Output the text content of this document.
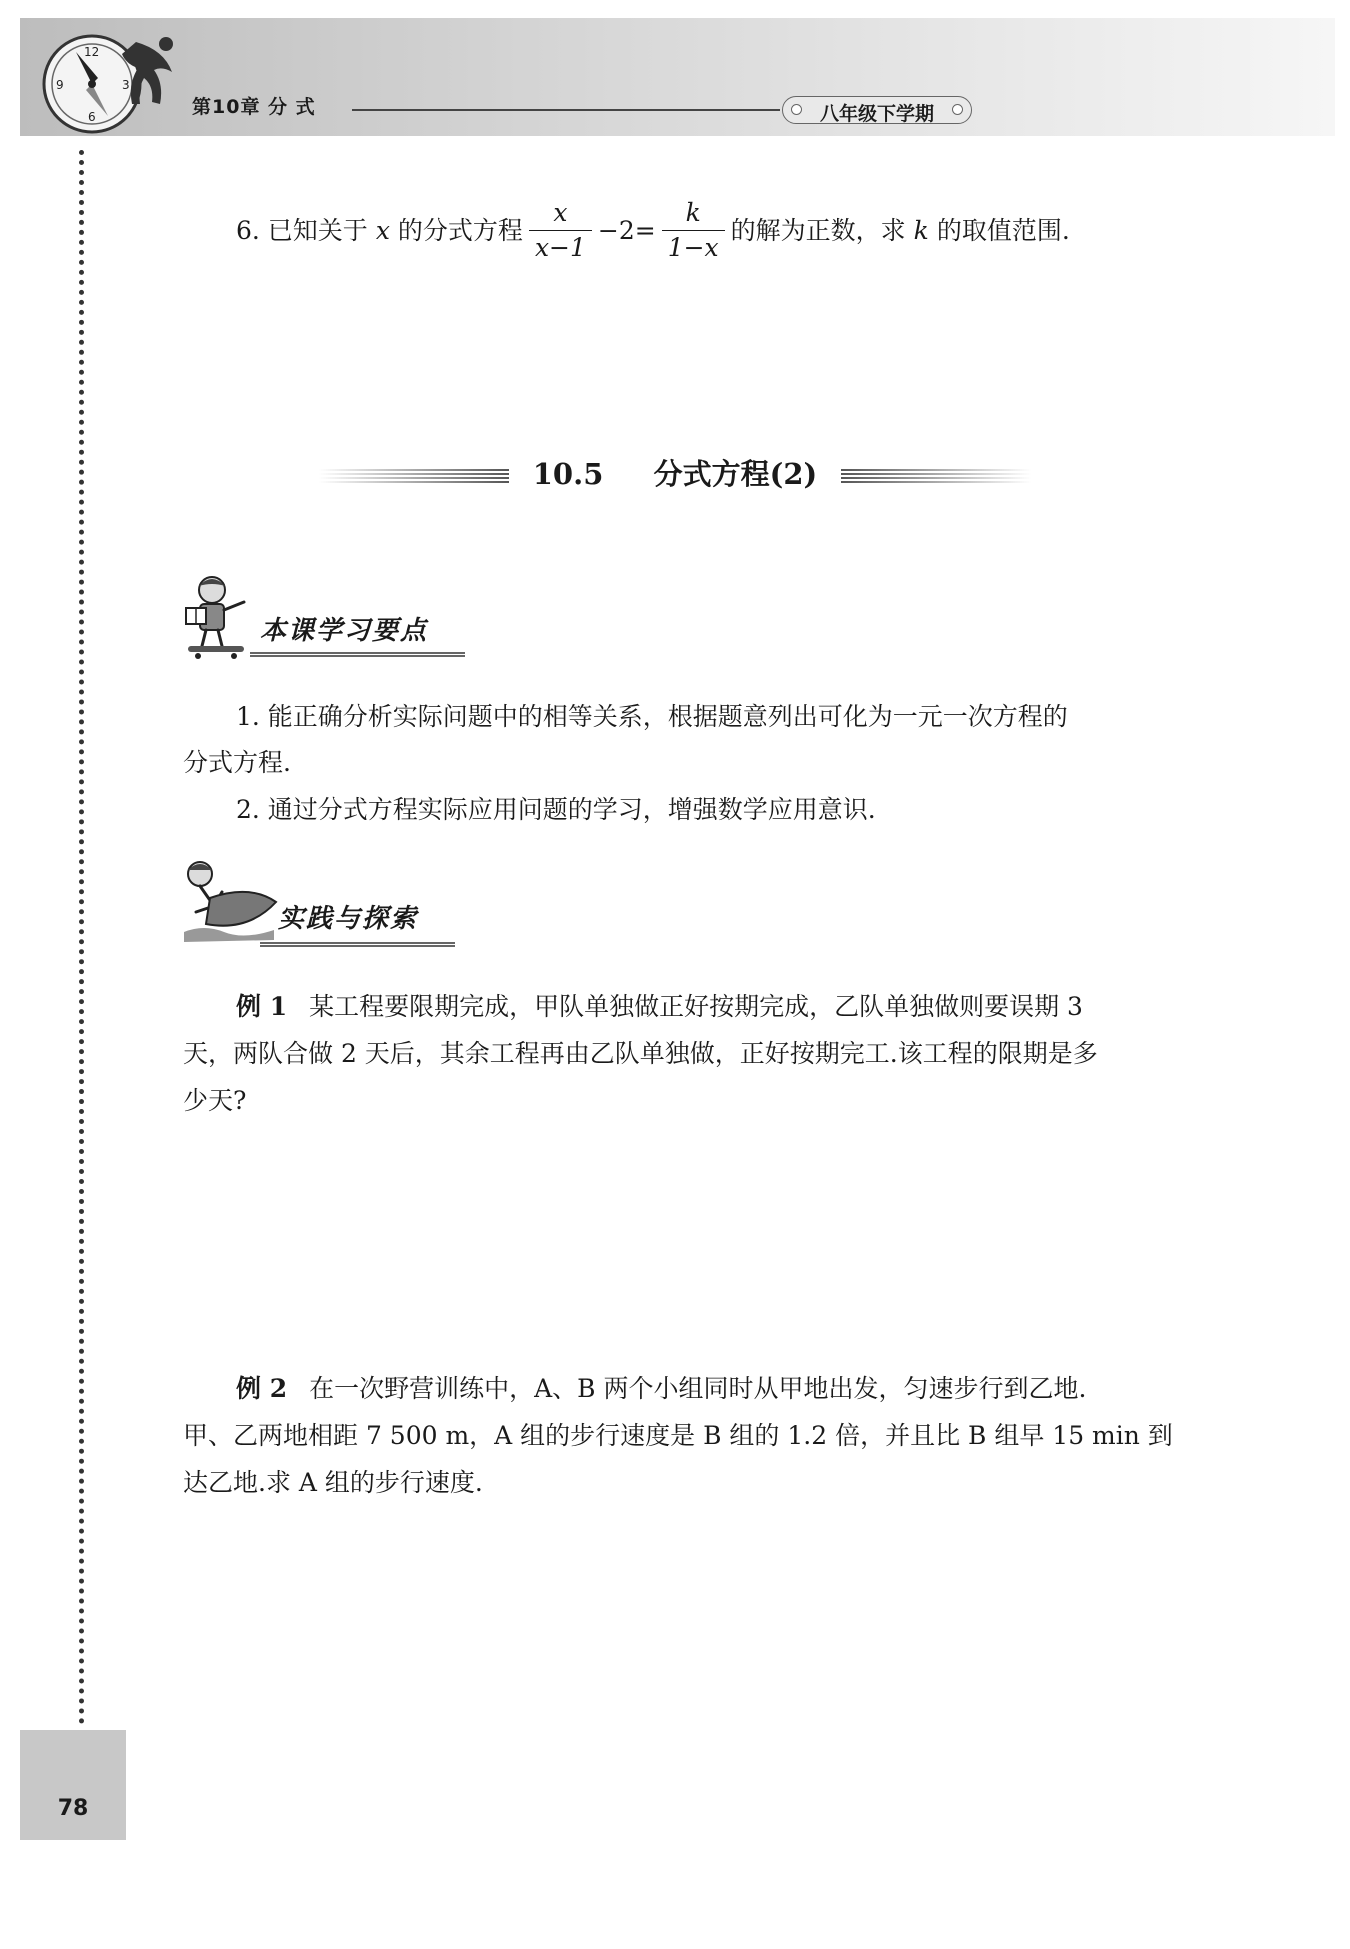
12
3
6
9
第10章 分 式	八年级下学期
6. 已知关于 x 的分式方程 $\frac{x}{x-1} -2= \frac{k}{1-x}$ 的解为正数，求 k 的取值范围.
10.5 分式方程(2)
本课学习要点
1. 能正确分析实际问题中的相等关系，根据题意列出可化为一元一次方程的
分式方程.
2. 通过分式方程实际应用问题的学习，增强数学应用意识.
实践与探索
例 1 某工程要限期完成，甲队单独做正好按期完成，乙队单独做则要误期 3
天，两队合做 2 天后，其余工程再由乙队单独做，正好按期完工.该工程的限期是多
少天?
例 2 在一次野营训练中，A、B 两个小组同时从甲地出发，匀速步行到乙地.
甲、乙两地相距 7 500 m，A 组的步行速度是 B 组的 1.2 倍，并且比 B 组早 15 min 到
达乙地.求 A 组的步行速度.
78
